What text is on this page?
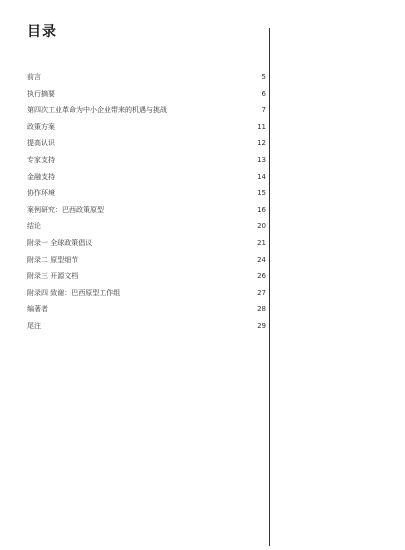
目录
前言	5
执行摘要	6
第四次工业革命为中小企业带来的机遇与挑战	7
政策方案	11
提高认识	12
专家支持	13
金融支持	14
协作环境	15
案例研究：巴西政策原型	16
结论	20
附录一 全球政策倡议	21
附录二 原型细节	24
附录三 开源文档	26
附录四 致谢：巴西原型工作组	27
编著者	28
尾注	29
